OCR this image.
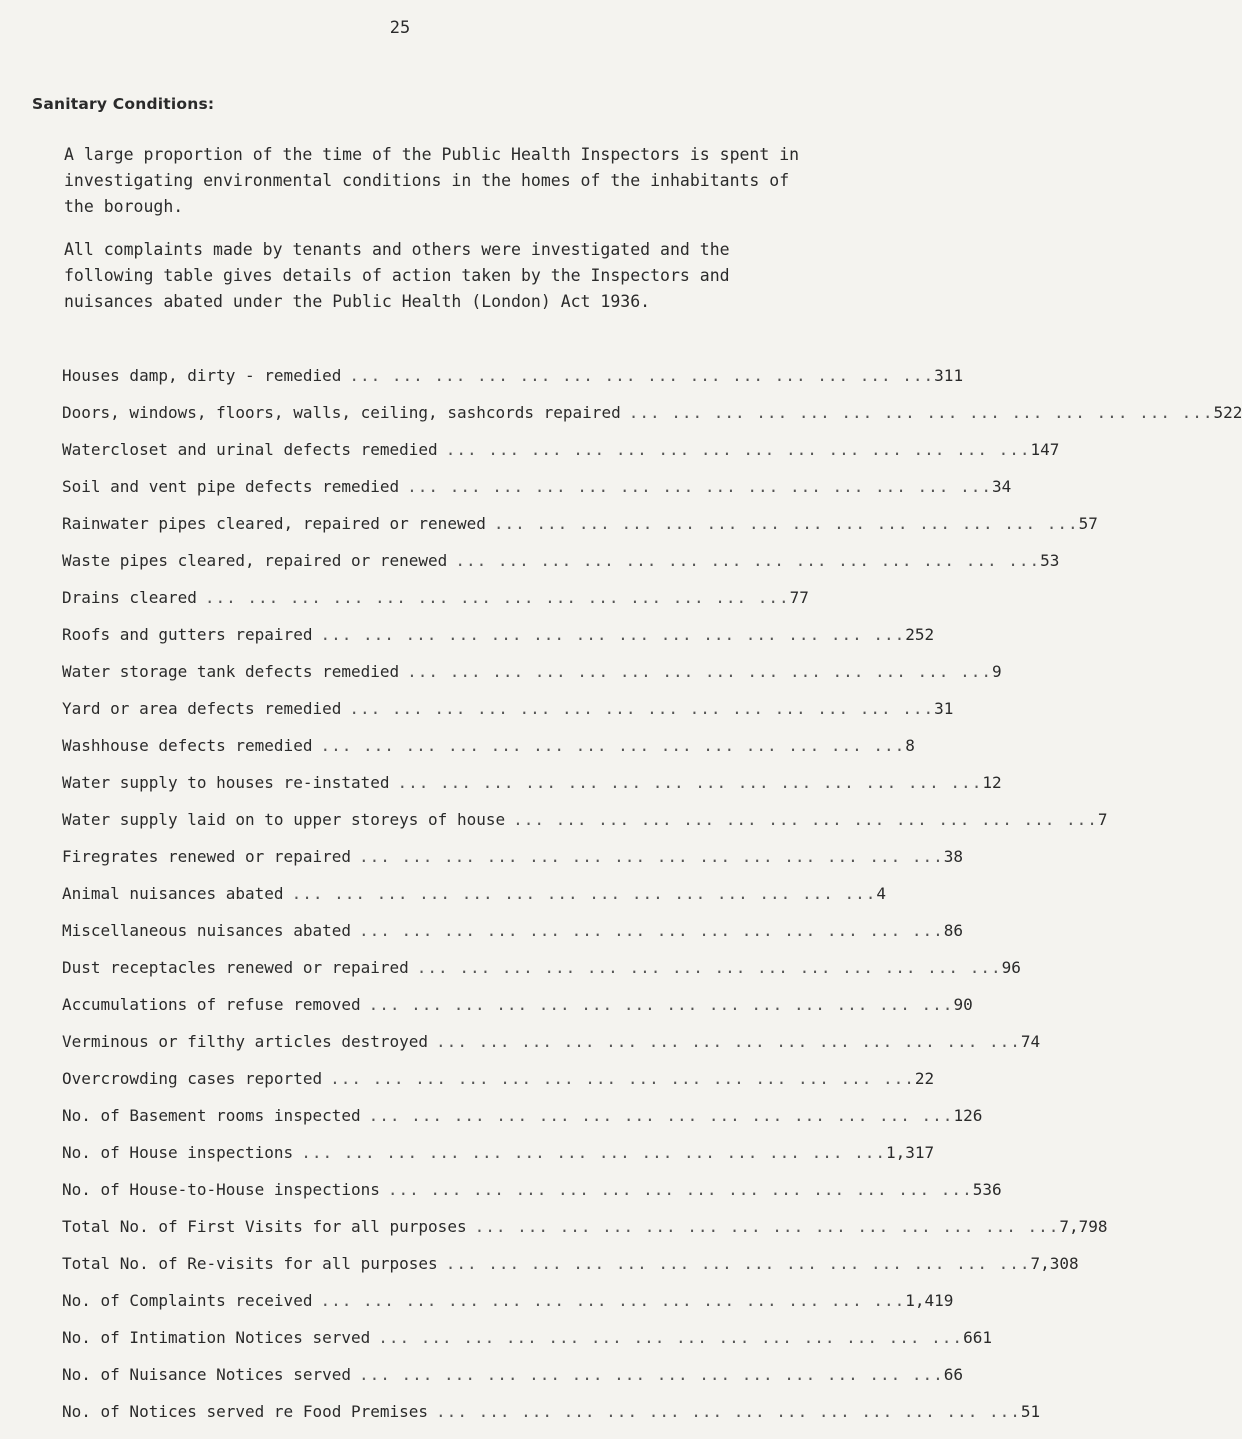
25
Sanitary Conditions:

A large proportion of the time of the Public Health Inspectors is spent in investigating environmental conditions in the homes of the inhabitants of the borough.

All complaints made by tenants and others were investigated and the following table gives details of action taken by the Inspectors and nuisances abated under the Public Health (London) Act 1936.

Houses damp, dirty - remedied ... ... ... ... ... ... ... ... ... ... ... ... ... ... 311
Doors, windows, floors, walls, ceiling, sashcords repaired ... ... ... ... ... ... ... ... ... ... ... ... ... ... 522
Watercloset and urinal defects remedied ... ... ... ... ... ... ... ... ... ... ... ... ... ... 147
Soil and vent pipe defects remedied ... ... ... ... ... ... ... ... ... ... ... ... ... ... 34
Rainwater pipes cleared, repaired or renewed ... ... ... ... ... ... ... ... ... ... ... ... ... ... 57
Waste pipes cleared, repaired or renewed ... ... ... ... ... ... ... ... ... ... ... ... ... ... 53
Drains cleared ... ... ... ... ... ... ... ... ... ... ... ... ... ... 77
Roofs and gutters repaired ... ... ... ... ... ... ... ... ... ... ... ... ... ... 252
Water storage tank defects remedied ... ... ... ... ... ... ... ... ... ... ... ... ... ... 9
Yard or area defects remedied ... ... ... ... ... ... ... ... ... ... ... ... ... ... 31
Washhouse defects remedied ... ... ... ... ... ... ... ... ... ... ... ... ... ... 8
Water supply to houses re-instated ... ... ... ... ... ... ... ... ... ... ... ... ... ... 12
Water supply laid on to upper storeys of house ... ... ... ... ... ... ... ... ... ... ... ... ... ... 7
Firegrates renewed or repaired ... ... ... ... ... ... ... ... ... ... ... ... ... ... 38
Animal nuisances abated ... ... ... ... ... ... ... ... ... ... ... ... ... ... 4
Miscellaneous nuisances abated ... ... ... ... ... ... ... ... ... ... ... ... ... ... 86
Dust receptacles renewed or repaired ... ... ... ... ... ... ... ... ... ... ... ... ... ... 96
Accumulations of refuse removed ... ... ... ... ... ... ... ... ... ... ... ... ... ... 90
Verminous or filthy articles destroyed ... ... ... ... ... ... ... ... ... ... ... ... ... ... 74
Overcrowding cases reported ... ... ... ... ... ... ... ... ... ... ... ... ... ... 22
No. of Basement rooms inspected ... ... ... ... ... ... ... ... ... ... ... ... ... ... 126
No. of House inspections ... ... ... ... ... ... ... ... ... ... ... ... ... ... 1,317
No. of House-to-House inspections ... ... ... ... ... ... ... ... ... ... ... ... ... ... 536
Total No. of First Visits for all purposes ... ... ... ... ... ... ... ... ... ... ... ... ... ... 7,798
Total No. of Re-visits for all purposes ... ... ... ... ... ... ... ... ... ... ... ... ... ... 7,308
No. of Complaints received ... ... ... ... ... ... ... ... ... ... ... ... ... ... 1,419
No. of Intimation Notices served ... ... ... ... ... ... ... ... ... ... ... ... ... ... 661
No. of Nuisance Notices served ... ... ... ... ... ... ... ... ... ... ... ... ... ... 66
No. of Notices served re Food Premises ... ... ... ... ... ... ... ... ... ... ... ... ... ... 51
